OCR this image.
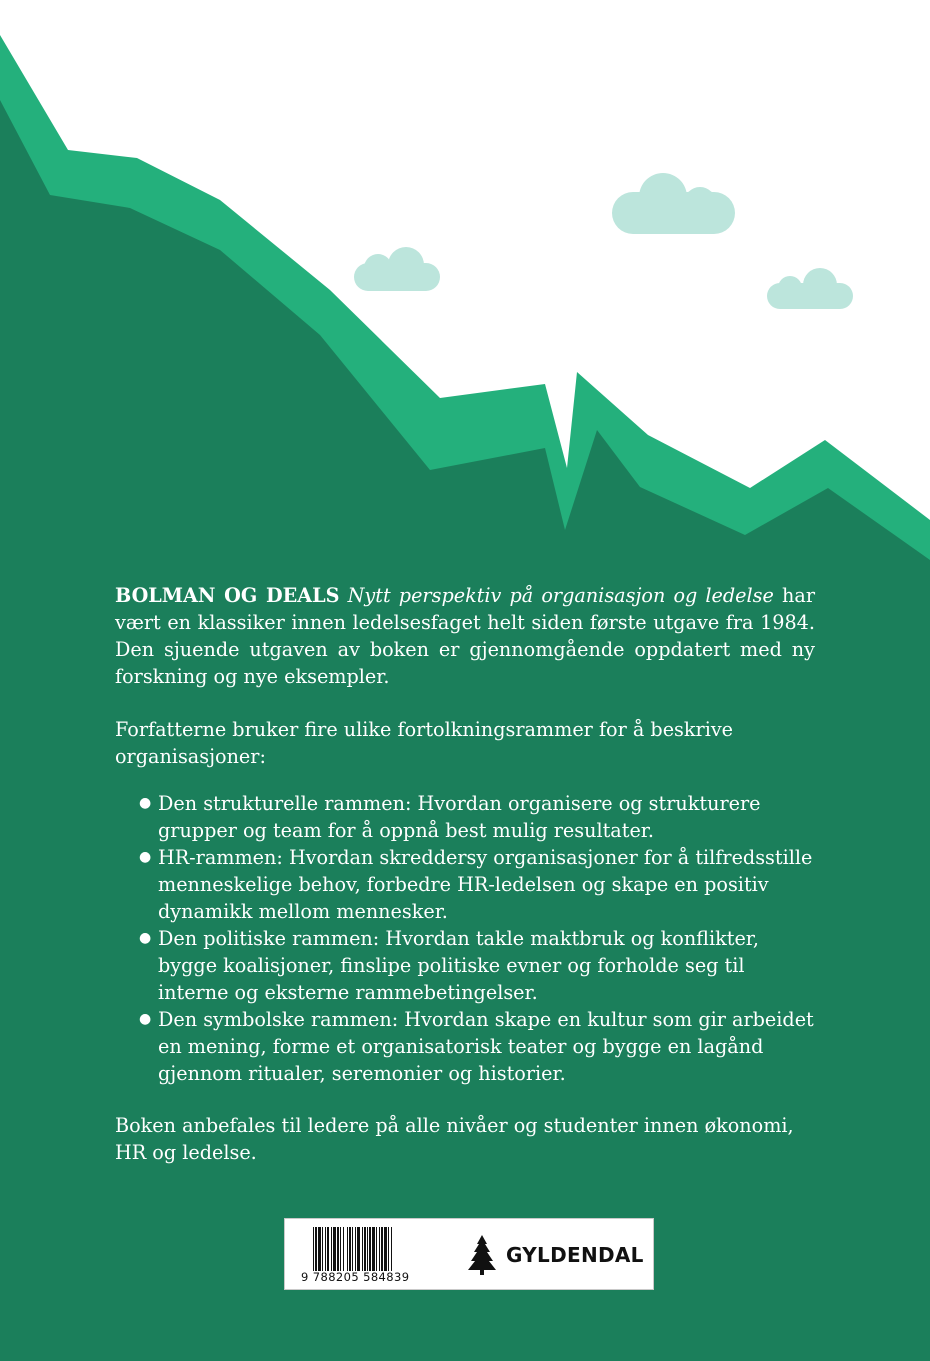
BOLMAN OG DEALS Nytt perspektiv på organisasjon og ledelse har vært en klassiker innen ledelsesfaget helt siden første utgave fra 1984. Den sjuende utgaven av boken er gjennomgående oppdatert med ny forskning og nye eksempler.

Forfatterne bruker fire ulike fortolkningsrammer for å beskrive organisasjoner:

● Den strukturelle rammen: Hvordan organisere og strukturere grupper og team for å oppnå best mulig resultater.
● HR-rammen: Hvordan skreddersy organisasjoner for å tilfredsstille menneskelige behov, forbedre HR-ledelsen og skape en positiv dynamikk mellom mennesker.
● Den politiske rammen: Hvordan takle maktbruk og konflikter, bygge koalisjoner, finslipe politiske evner og forholde seg til interne og eksterne rammebetingelser.
● Den symbolske rammen: Hvordan skape en kultur som gir arbeidet en mening, forme et organisatorisk teater og bygge en lagånd gjennom ritualer, seremonier og historier.

Boken anbefales til ledere på alle nivåer og studenter innen økonomi, HR og ledelse.

9 788205 584839
GYLDENDAL
